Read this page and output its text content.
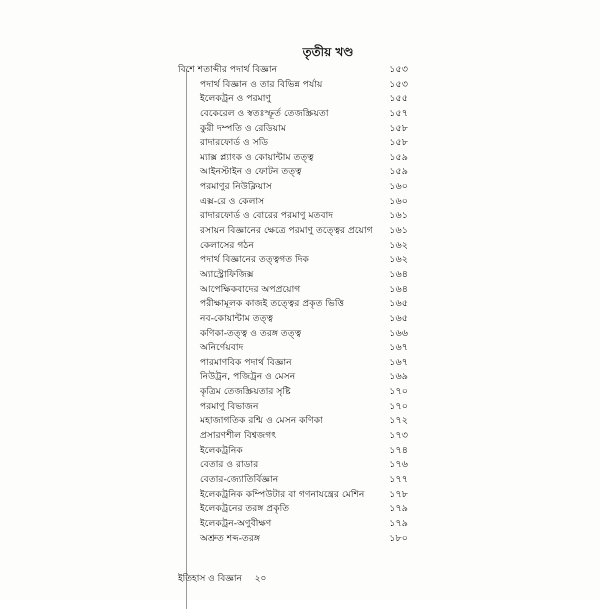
তৃতীয় খণ্ড
বিশে শতাব্দীর পদার্থ বিজ্ঞান	১৫৩
পদার্থ বিজ্ঞান ও তার বিভিন্ন পর্যায়	১৫৩
ইলেকট্রন ও পরমাণু	১৫৫
বেকেরেল ও স্বতঃস্ফূর্ত তেজস্ক্রিয়তা	১৫৭
কুরী দম্পতি ও রেডিয়াম	১৫৮
রাদারফোর্ড ও সডি	১৫৮
ম্যাক্স প্ল্যাংক ও কোয়ান্টাম তত্ত্ব	১৫৯
আইনস্টাইন ও ফোটন তত্ত্ব	১৫৯
পরমাণুর নিউক্লিয়াস	১৬০
এক্স-রে ও কেলাস	১৬০
রাদারফোর্ড ও বোরের পরমাণু মতবাদ	১৬১
রসায়ন বিজ্ঞানের ক্ষেত্রে পরমাণু তত্ত্বের প্রয়োগ ১৬১
কেলাসের গঠন	১৬২
পদার্থ বিজ্ঞানের তত্ত্বগত দিক	১৬২
অ্যাস্ট্রোফিজিক্স	১৬৪
আপেক্ষিকবাদের অপপ্রয়োগ	১৬৪
পরীক্ষামূলক কাজই তত্ত্বের প্রকৃত ভিত্তি	১৬৫
নব-কোয়ান্টাম তত্ত্ব	১৬৫
কণিকা-তত্ত্ব ও তরঙ্গ তত্ত্ব	১৬৬
অনির্ণেয়বাদ	১৬৭
পারমাণবিক পদার্থ বিজ্ঞান	১৬৭
নিউট্রন, পজিট্রন ও মেসন	১৬৯
কৃত্রিম তেজস্ক্রিয়তার সৃষ্টি	১৭০
পরমাণু বিভাজন	১৭০
মহাজাগতিক রশ্মি ও মেসন কণিকা	১৭২
প্রসারণশীল বিশ্বজগৎ	১৭৩
ইলেকট্রনিক	১৭৪
বেতার ও রাডার	১৭৬
বেতার-জ্যোতির্বিজ্ঞান	১৭৭
ইলেকট্রনিক কম্পিউটার বা গণনাযন্ত্রের মেশিন	১৭৮
ইলেকট্রনের তরঙ্গ প্রকৃতি	১৭৯
ইলেকট্রন-অণুবীক্ষণ	১৭৯
অশ্রুত শব্দ-তরঙ্গ	১৮০
ইতিহাস ও বিজ্ঞান ২০
